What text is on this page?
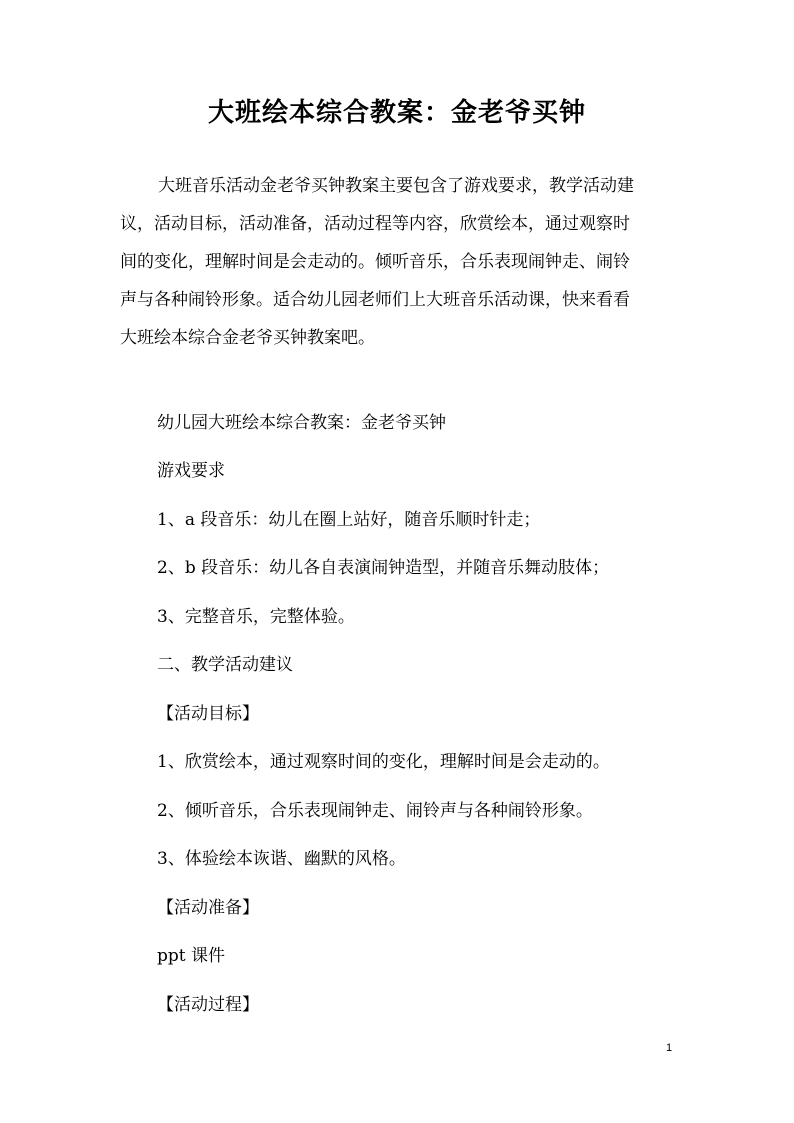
大班绘本综合教案：金老爷买钟
大班音乐活动金老爷买钟教案主要包含了游戏要求，教学活动建
议，活动目标，活动准备，活动过程等内容，欣赏绘本，通过观察时
间的变化，理解时间是会走动的。倾听音乐，合乐表现闹钟走、闹铃
声与各种闹铃形象。适合幼儿园老师们上大班音乐活动课，快来看看
大班绘本综合金老爷买钟教案吧。
幼儿园大班绘本综合教案：金老爷买钟
游戏要求
1、a 段音乐：幼儿在圈上站好，随音乐顺时针走；
2、b 段音乐：幼儿各自表演闹钟造型，并随音乐舞动肢体；
3、完整音乐，完整体验。
二、教学活动建议
【活动目标】
1、欣赏绘本，通过观察时间的变化，理解时间是会走动的。
2、倾听音乐，合乐表现闹钟走、闹铃声与各种闹铃形象。
3、体验绘本诙谐、幽默的风格。
【活动准备】
ppt 课件
【活动过程】
1
